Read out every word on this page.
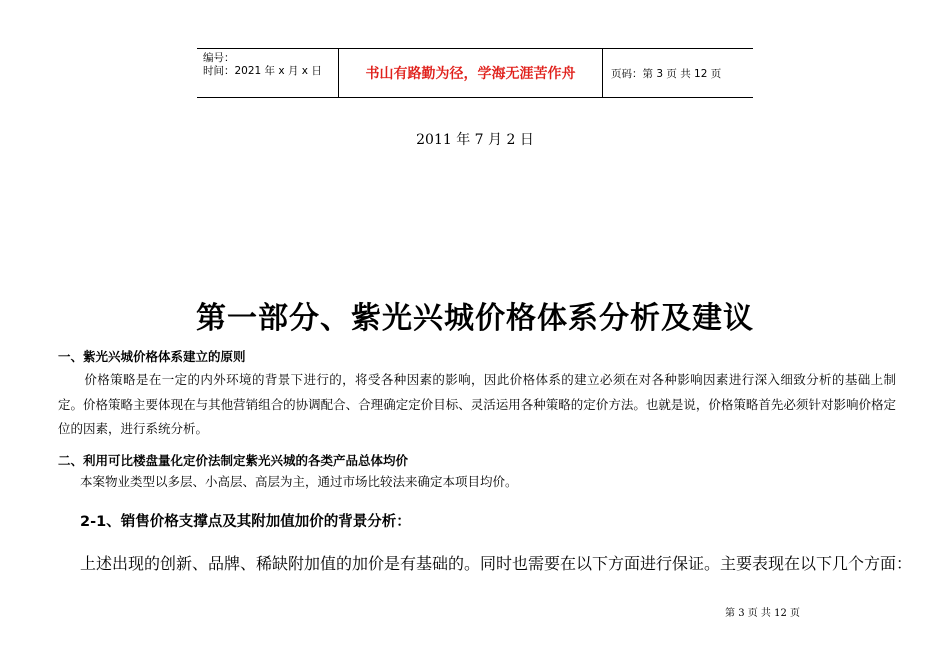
编号：
时间：2021 年 x 月 x 日	书山有路勤为径，学海无涯苦作舟	页码：第 3 页 共 12 页
2011 年 7 月 2 日
第一部分、紫光兴城价格体系分析及建议
一、紫光兴城价格体系建立的原则
价格策略是在一定的内外环境的背景下进行的，将受各种因素的影响，因此价格体系的建立必须在对各种影响因素进行深入细致分析的基础上制定。价格策略主要体现在与其他营销组合的协调配合、合理确定定价目标、灵活运用各种策略的定价方法。也就是说，价格策略首先必须针对影响价格定位的因素，进行系统分析。
二、利用可比楼盘量化定价法制定紫光兴城的各类产品总体均价
本案物业类型以多层、小高层、高层为主，通过市场比较法来确定本项目均价。
2-1、销售价格支撑点及其附加值加价的背景分析：
上述出现的创新、品牌、稀缺附加值的加价是有基础的。同时也需要在以下方面进行保证。主要表现在以下几个方面：
第 3 页 共 12 页
